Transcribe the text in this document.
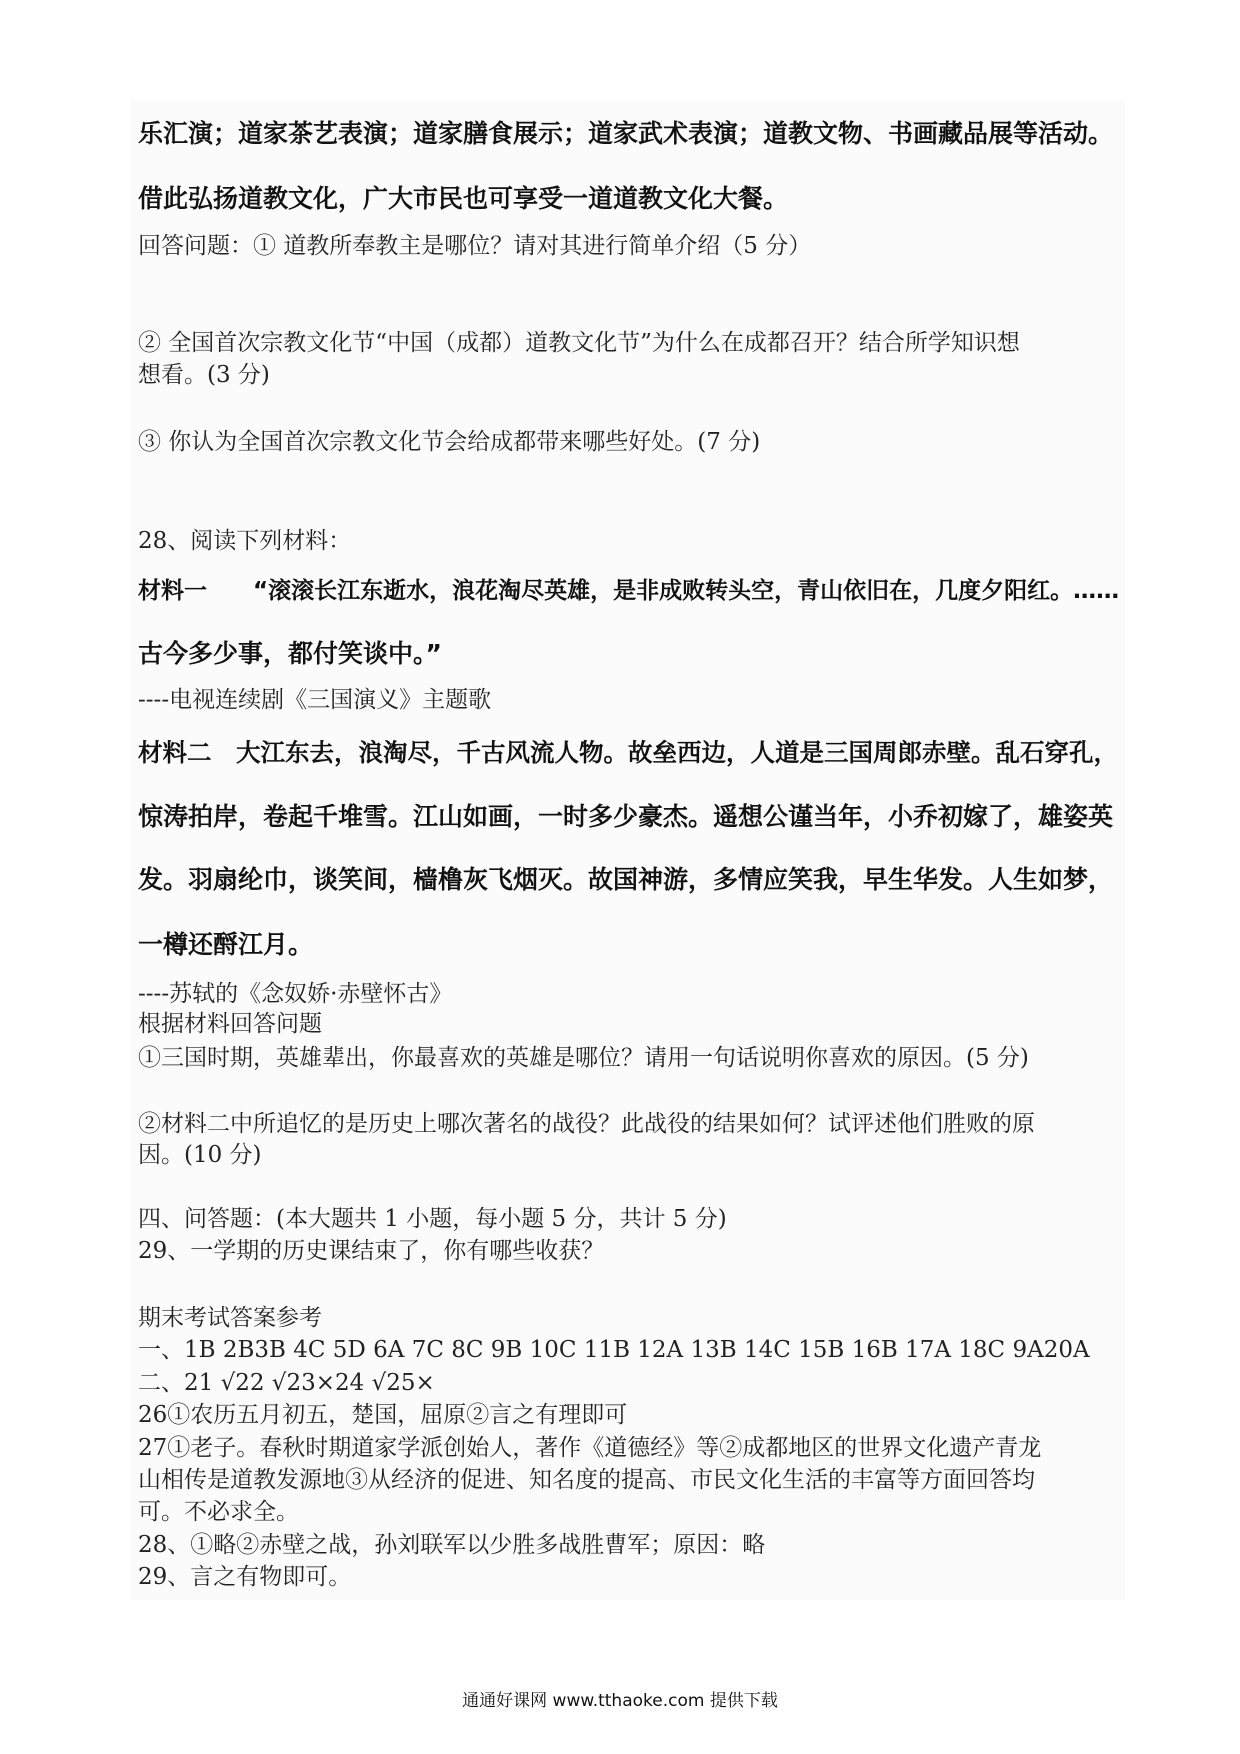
乐汇演；道家茶艺表演；道家膳食展示；道家武术表演；道教文物、书画藏品展等活动。
借此弘扬道教文化，广大市民也可享受一道道教文化大餐。
回答问题：① 道教所奉教主是哪位？请对其进行简单介绍（5 分）
② 全国首次宗教文化节“中国（成都）道教文化节”为什么在成都召开？结合所学知识想
想看。(3 分)
③ 你认为全国首次宗教文化节会给成都带来哪些好处。(7 分)
28、阅读下列材料：
材料一　　“滚滚长江东逝水，浪花淘尽英雄，是非成败转头空，青山依旧在，几度夕阳红。……
古今多少事，都付笑谈中。”
----电视连续剧《三国演义》主题歌
材料二　大江东去，浪淘尽，千古风流人物。故垒西边，人道是三国周郎赤壁。乱石穿孔，
惊涛拍岸，卷起千堆雪。江山如画，一时多少豪杰。遥想公谨当年，小乔初嫁了，雄姿英
发。羽扇纶巾，谈笑间，樯橹灰飞烟灭。故国神游，多情应笑我，早生华发。人生如梦，
一樽还酹江月。
----苏轼的《念奴娇·赤壁怀古》
根据材料回答问题
①三国时期，英雄辈出，你最喜欢的英雄是哪位？请用一句话说明你喜欢的原因。(5 分)
②材料二中所追忆的是历史上哪次著名的战役？此战役的结果如何？试评述他们胜败的原
因。(10 分)
四、问答题：(本大题共 1 小题，每小题 5 分，共计 5 分)
29、一学期的历史课结束了，你有哪些收获？
期末考试答案参考
一、1B 2B3B 4C 5D 6A 7C 8C 9B 10C 11B 12A 13B 14C 15B 16B 17A 18C 9A20A
二、21 √22 √23×24 √25×
26①农历五月初五，楚国，屈原②言之有理即可
27①老子。春秋时期道家学派创始人，著作《道德经》等②成都地区的世界文化遗产青龙
山相传是道教发源地③从经济的促进、知名度的提高、市民文化生活的丰富等方面回答均
可。不必求全。
28、①略②赤壁之战，孙刘联军以少胜多战胜曹军；原因：略
29、言之有物即可。
通通好课网 www.tthaoke.com 提供下载
